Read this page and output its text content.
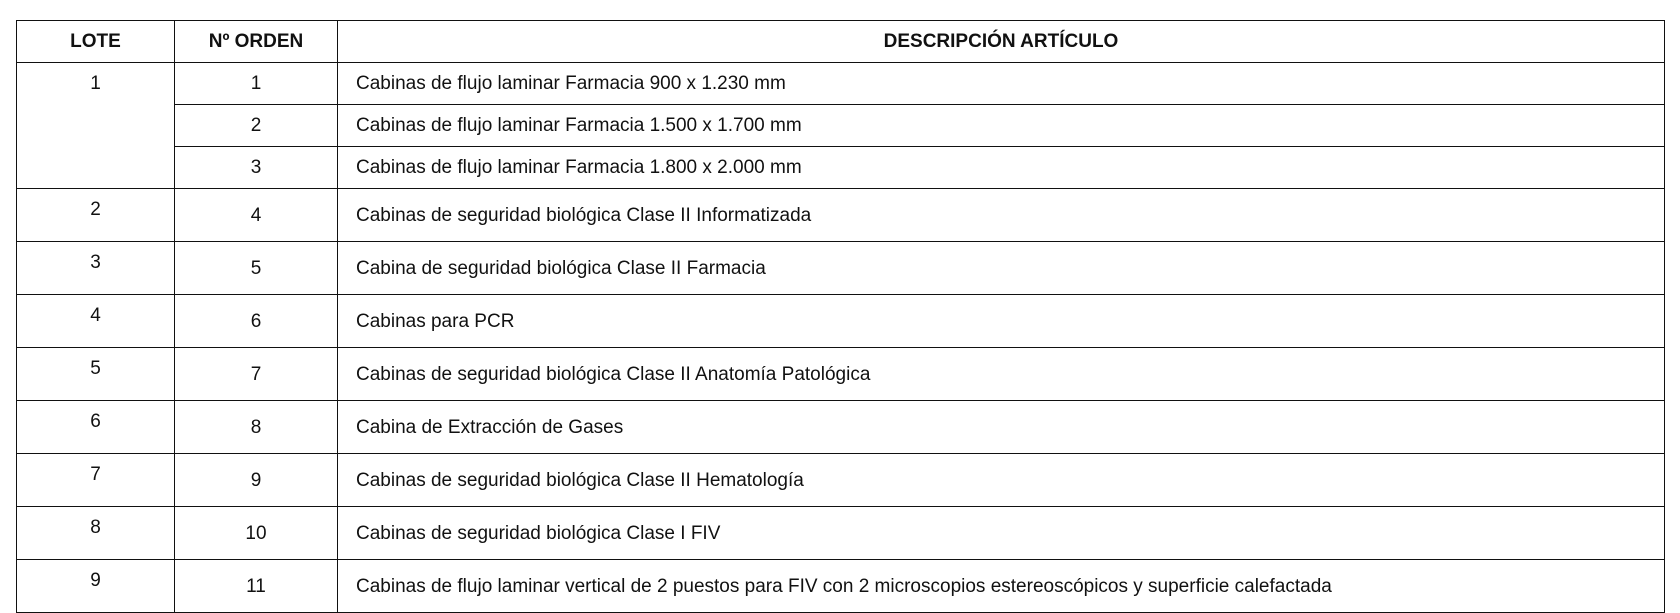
LOTE	Nº ORDEN	DESCRIPCIÓN ARTÍCULO
1	1	Cabinas de flujo laminar Farmacia 900 x 1.230 mm
	2	Cabinas de flujo laminar Farmacia 1.500 x 1.700 mm
	3	Cabinas de flujo laminar Farmacia 1.800 x 2.000 mm
2	4	Cabinas de seguridad biológica Clase II Informatizada
3	5	Cabina de seguridad biológica Clase II Farmacia
4	6	Cabinas para PCR
5	7	Cabinas de seguridad biológica Clase II Anatomía Patológica
6	8	Cabina de Extracción de Gases
7	9	Cabinas de seguridad biológica Clase II Hematología
8	10	Cabinas de seguridad biológica Clase I FIV
9	11	Cabinas de flujo laminar vertical de 2 puestos para FIV con 2 microscopios estereoscópicos y superficie calefactada
